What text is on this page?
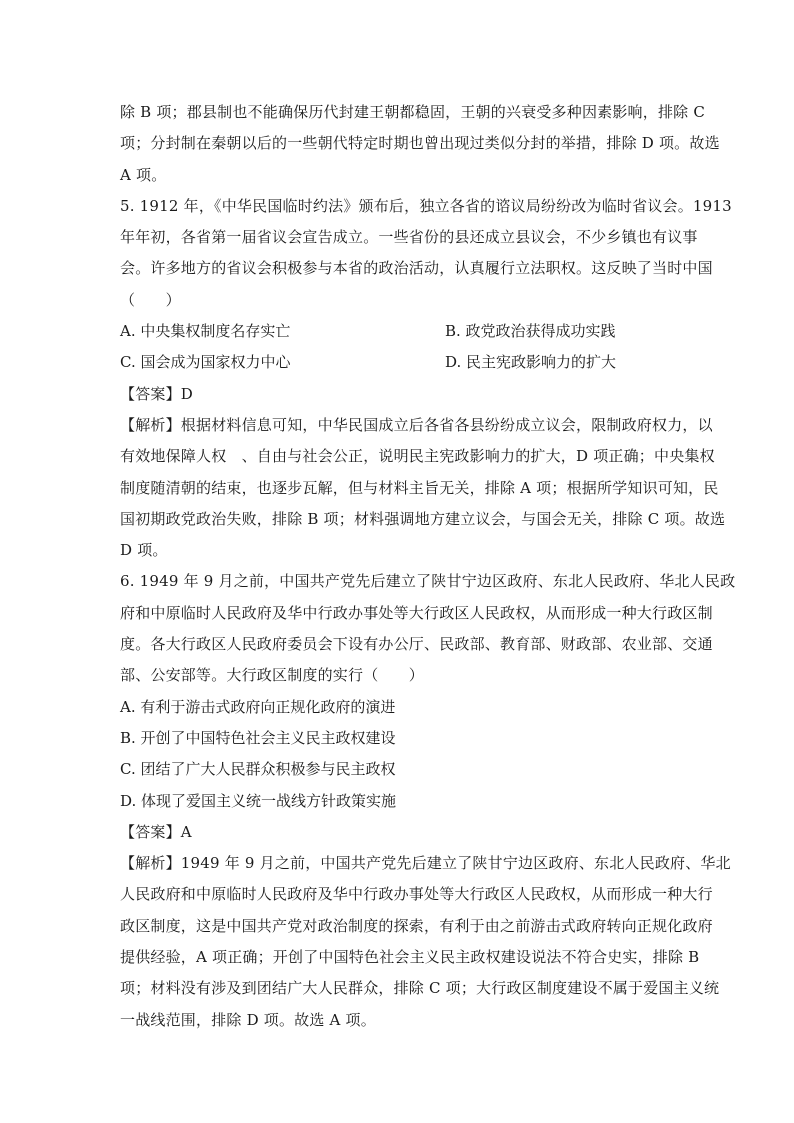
除 B 项；郡县制也不能确保历代封建王朝都稳固，王朝的兴衰受多种因素影响，排除 C
项；分封制在秦朝以后的一些朝代特定时期也曾出现过类似分封的举措，排除 D 项。故选
A 项。
5. 1912 年，《中华民国临时约法》颁布后，独立各省的谘议局纷纷改为临时省议会。1913
年年初，各省第一届省议会宣告成立。一些省份的县还成立县议会，不少乡镇也有议事
会。许多地方的省议会积极参与本省的政治活动，认真履行立法职权。这反映了当时中国
（　　）
A. 中央集权制度名存实亡	B. 政党政治获得成功实践
C. 国会成为国家权力中心	D. 民主宪政影响力的扩大
【答案】D
【解析】根据材料信息可知，中华民国成立后各省各县纷纷成立议会，限制政府权力，以
有效地保障人权　、自由与社会公正，说明民主宪政影响力的扩大，D 项正确；中央集权
制度随清朝的结束，也逐步瓦解，但与材料主旨无关，排除 A 项；根据所学知识可知，民
国初期政党政治失败，排除 B 项；材料强调地方建立议会，与国会无关，排除 C 项。故选
D 项。
6. 1949 年 9 月之前，中国共产党先后建立了陕甘宁边区政府、东北人民政府、华北人民政
府和中原临时人民政府及华中行政办事处等大行政区人民政权，从而形成一种大行政区制
度。各大行政区人民政府委员会下设有办公厅、民政部、教育部、财政部、农业部、交通
部、公安部等。大行政区制度的实行（　　）
A. 有利于游击式政府向正规化政府的演进
B. 开创了中国特色社会主义民主政权建设
C. 团结了广大人民群众积极参与民主政权
D. 体现了爱国主义统一战线方针政策实施
【答案】A
【解析】1949 年 9 月之前，中国共产党先后建立了陕甘宁边区政府、东北人民政府、华北
人民政府和中原临时人民政府及华中行政办事处等大行政区人民政权，从而形成一种大行
政区制度，这是中国共产党对政治制度的探索，有利于由之前游击式政府转向正规化政府
提供经验，A 项正确；开创了中国特色社会主义民主政权建设说法不符合史实，排除 B
项；材料没有涉及到团结广大人民群众，排除 C 项；大行政区制度建设不属于爱国主义统
一战线范围，排除 D 项。故选 A 项。
